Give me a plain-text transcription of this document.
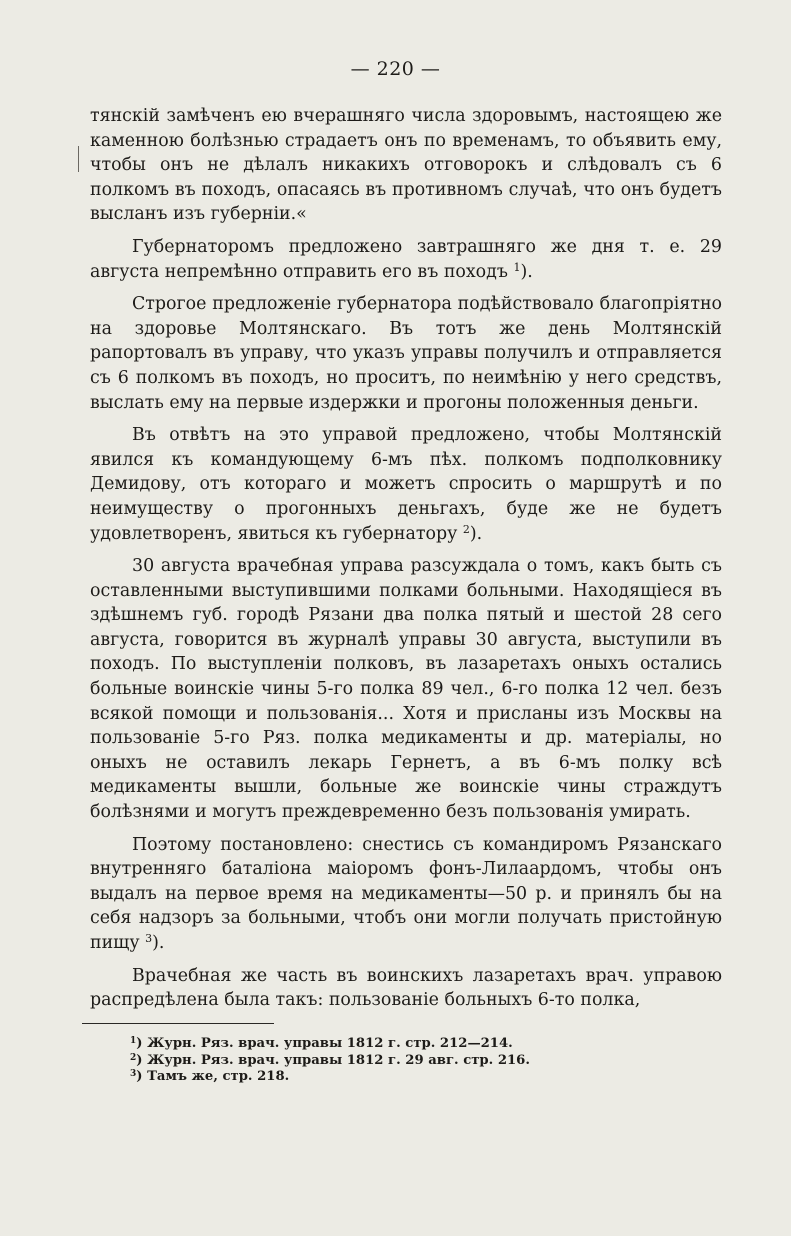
— 220 —

тянскій замѣченъ ею вчерашняго числа здоровымъ, настоящею же каменною болѣзнью страдаетъ онъ по временамъ, то объявить ему, чтобы онъ не дѣлалъ никакихъ отговорокъ и слѣдовалъ съ 6 полкомъ въ походъ, опасаясь въ противномъ случаѣ, что онъ будетъ высланъ изъ губерніи.«

Губернаторомъ предложено завтрашняго же дня т. е. 29 августа непремѣнно отправить его въ походъ $^1$).

Строгое предложеніе губернатора подѣйствовало благопріятно на здоровье Молтянскаго. Въ тотъ же день Молтянскій рапортовалъ въ управу, что указъ управы получилъ и отправляется съ 6 полкомъ въ походъ, но проситъ, по неимѣнію у него средствъ, выслать ему на первые издержки и прогоны положенныя деньги.

Въ отвѣтъ на это управой предложено, чтобы Молтянскій явился къ командующему 6-мъ пѣх. полкомъ подполковнику Демидову, отъ котораго и можетъ спросить о маршрутѣ и по неимуществу о прогонныхъ деньгахъ, буде же не будетъ удовлетворенъ, явиться къ губернатору $^2$).

30 августа врачебная управа разсуждала о томъ, какъ быть съ оставленными выступившими полками больными. Находящіеся въ здѣшнемъ губ. городѣ Рязани два полка пятый и шестой 28 сего августа, говорится въ журналѣ управы 30 августа, выступили въ походъ. По выступленіи полковъ, въ лазаретахъ оныхъ остались больные воинскіе чины 5-го полка 89 чел., 6-го полка 12 чел. безъ всякой помощи и пользованія... Хотя и присланы изъ Москвы на пользованіе 5-го Ряз. полка медикаменты и др. матеріалы, но оныхъ не оставилъ лекарь Гернетъ, а въ 6-мъ полку всѣ медикаменты вышли, больные же воинскіе чины страждутъ болѣзнями и могутъ преждевременно безъ пользованія умирать.

Поэтому постановлено: снестись съ командиромъ Рязанскаго внутренняго баталіона маіоромъ фонъ-Лилаардомъ, чтобы онъ выдалъ на первое время на медикаменты—50 р. и принялъ бы на себя надзоръ за больными, чтобъ они могли получать пристойную пищу $^3$).

Врачебная же часть въ воинскихъ лазаретахъ врач. управою распредѣлена была такъ: пользованіе больныхъ 6-то полка,

$^1$) Журн. Ряз. врач. управы 1812 г. стр. 212—214.
$^2$) Журн. Ряз. врач. управы 1812 г. 29 авг. стр. 216.
$^3$) Тамъ же, стр. 218.
